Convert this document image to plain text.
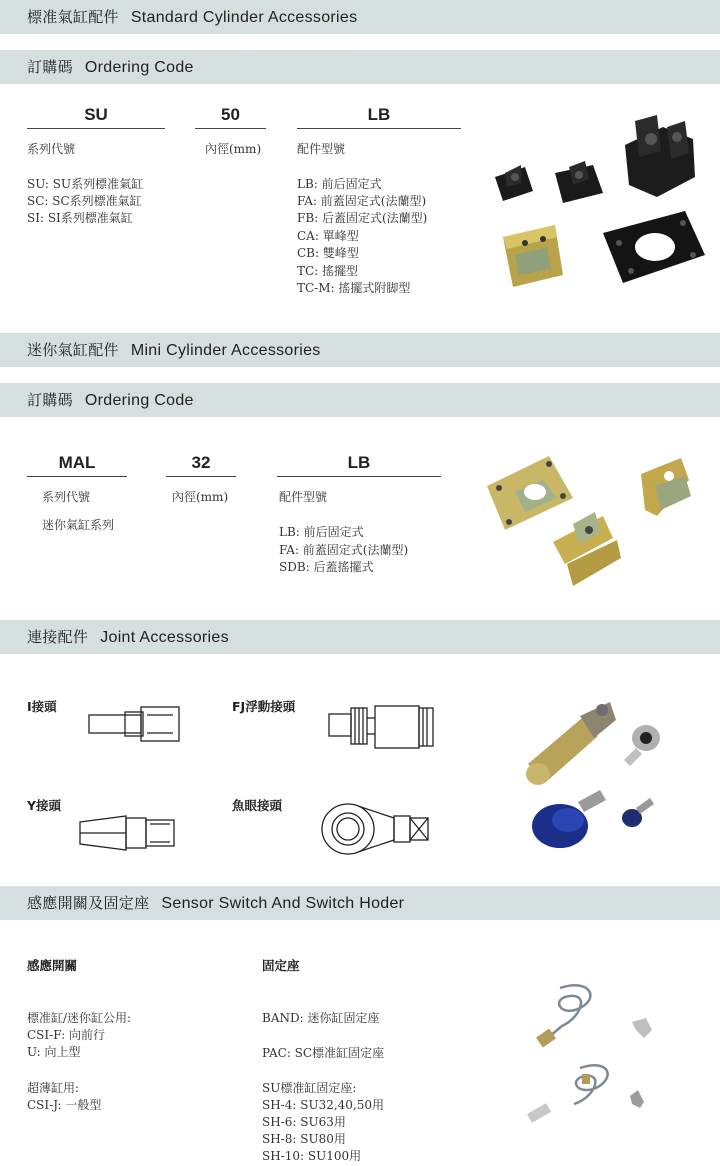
標准氣缸配件 Standard Cylinder Accessories
訂購碼 Ordering Code
SU	50	LB
系列代號	內徑(mm)	配件型號
SU: SU系列標准氣缸
SC: SC系列標准氣缸
SI: SI系列標准氣缸
LB: 前后固定式
FA: 前蓋固定式(法蘭型)
FB: 后蓋固定式(法蘭型)
CA: 單峰型
CB: 雙峰型
TC: 搖擺型
TC-M: 搖擺式附脚型
迷你氣缸配件 Mini Cylinder Accessories
訂購碼 Ordering Code
MAL	32	LB
系列代號	內徑(mm)	配件型號
迷你氣缸系列	LB: 前后固定式
FA: 前蓋固定式(法蘭型)
SDB: 后蓋搖擺式
連接配件 Joint Accessories
I接頭	FJ浮動接頭
Y接頭	魚眼接頭
感應開關及固定座 Sensor Switch And Switch Hoder
感應開關
標准缸/迷你缸公用:
CSI-F: 向前行
U: 向上型
超薄缸用:
CSI-J: 一般型
固定座
BAND: 迷你缸固定座
PAC: SC標准缸固定座
SU標准缸固定座:
SH-4: SU32,40,50用
SH-6: SU63用
SH-8: SU80用
SH-10: SU100用
